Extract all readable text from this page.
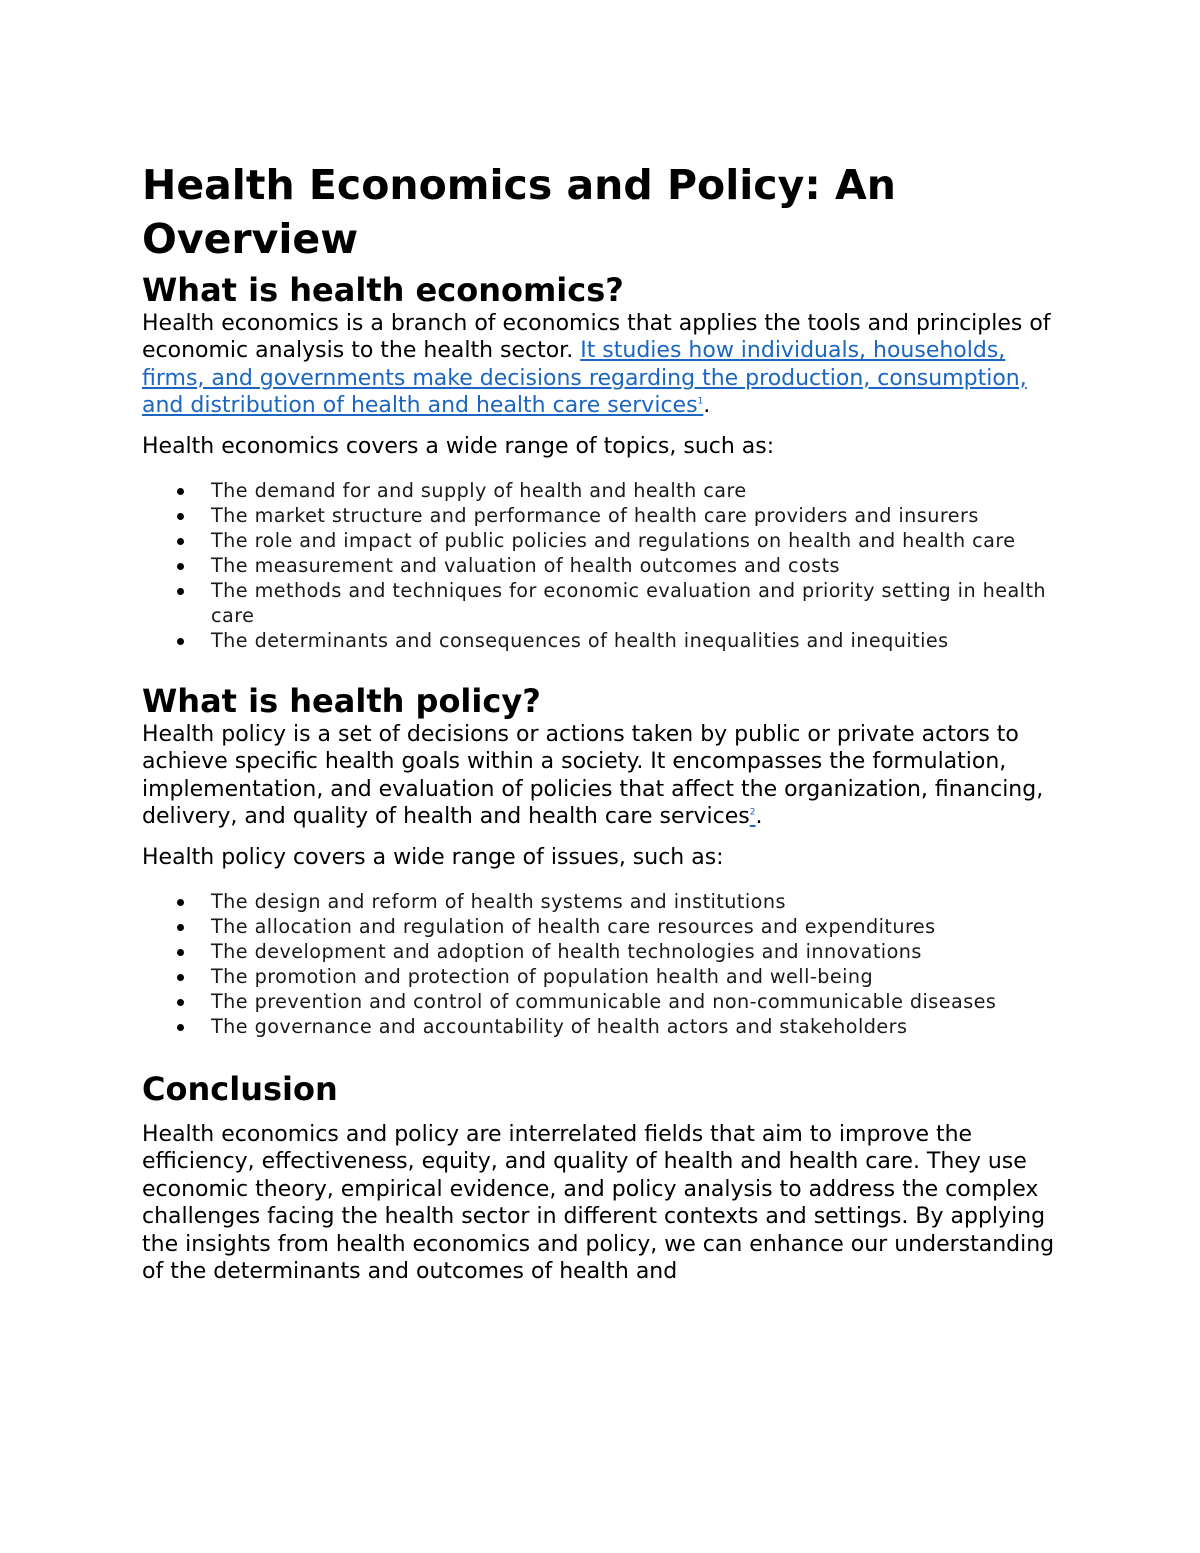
Health Economics and Policy: An Overview
What is health economics?

Health economics is a branch of economics that applies the tools and principles of economic analysis to the health sector. It studies how individuals, households, firms, and governments make decisions regarding the production, consumption, and distribution of health and health care services$^1$.

Health economics covers a wide range of topics, such as:

The demand for and supply of health and health care
The market structure and performance of health care providers and insurers
The role and impact of public policies and regulations on health and health care
The measurement and valuation of health outcomes and costs
The methods and techniques for economic evaluation and priority setting in health care
The determinants and consequences of health inequalities and inequities
What is health policy?

Health policy is a set of decisions or actions taken by public or private actors to achieve specific health goals within a society. It encompasses the formulation, implementation, and evaluation of policies that affect the organization, financing, delivery, and quality of health and health care services$^2$.

Health policy covers a wide range of issues, such as:

The design and reform of health systems and institutions
The allocation and regulation of health care resources and expenditures
The development and adoption of health technologies and innovations
The promotion and protection of population health and well-being
The prevention and control of communicable and non-communicable diseases
The governance and accountability of health actors and stakeholders
Conclusion

Health economics and policy are interrelated fields that aim to improve the efficiency, effectiveness, equity, and quality of health and health care. They use economic theory, empirical evidence, and policy analysis to address the complex challenges facing the health sector in different contexts and settings. By applying the insights from health economics and policy, we can enhance our understanding of the determinants and outcomes of health and
